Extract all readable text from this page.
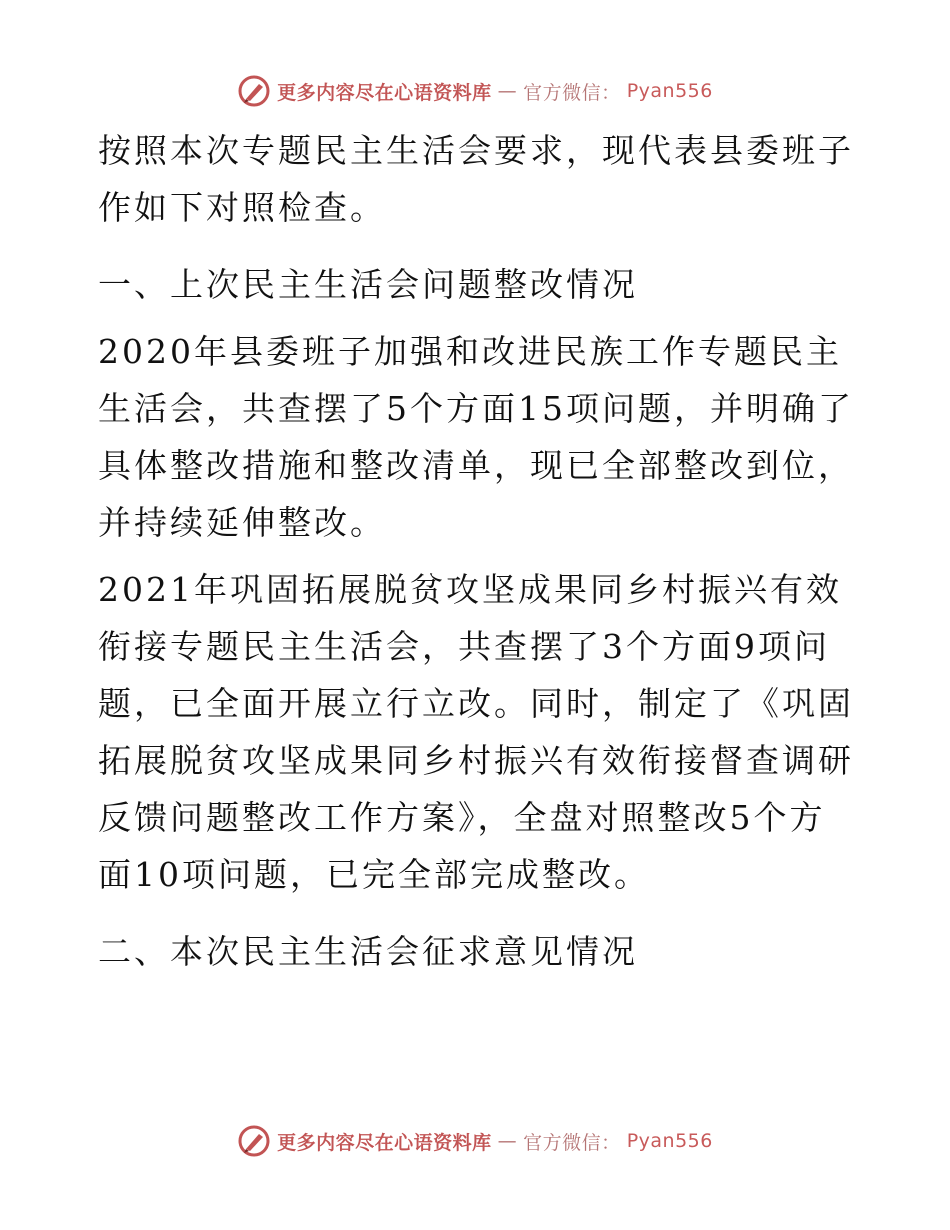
更多内容尽在心语资料库 — 官方微信： Pyan556

按照本次专题民主生活会要求，现代表县委班子作如下对照检查。

一、上次民主生活会问题整改情况

2020年县委班子加强和改进民族工作专题民主生活会，共查摆了5个方面15项问题，并明确了具体整改措施和整改清单，现已全部整改到位，并持续延伸整改。

2021年巩固拓展脱贫攻坚成果同乡村振兴有效衔接专题民主生活会，共查摆了3个方面9项问题，已全面开展立行立改。同时，制定了《巩固拓展脱贫攻坚成果同乡村振兴有效衔接督查调研反馈问题整改工作方案》，全盘对照整改5个方面10项问题，已完全部完成整改。

二、本次民主生活会征求意见情况

更多内容尽在心语资料库 — 官方微信： Pyan556
